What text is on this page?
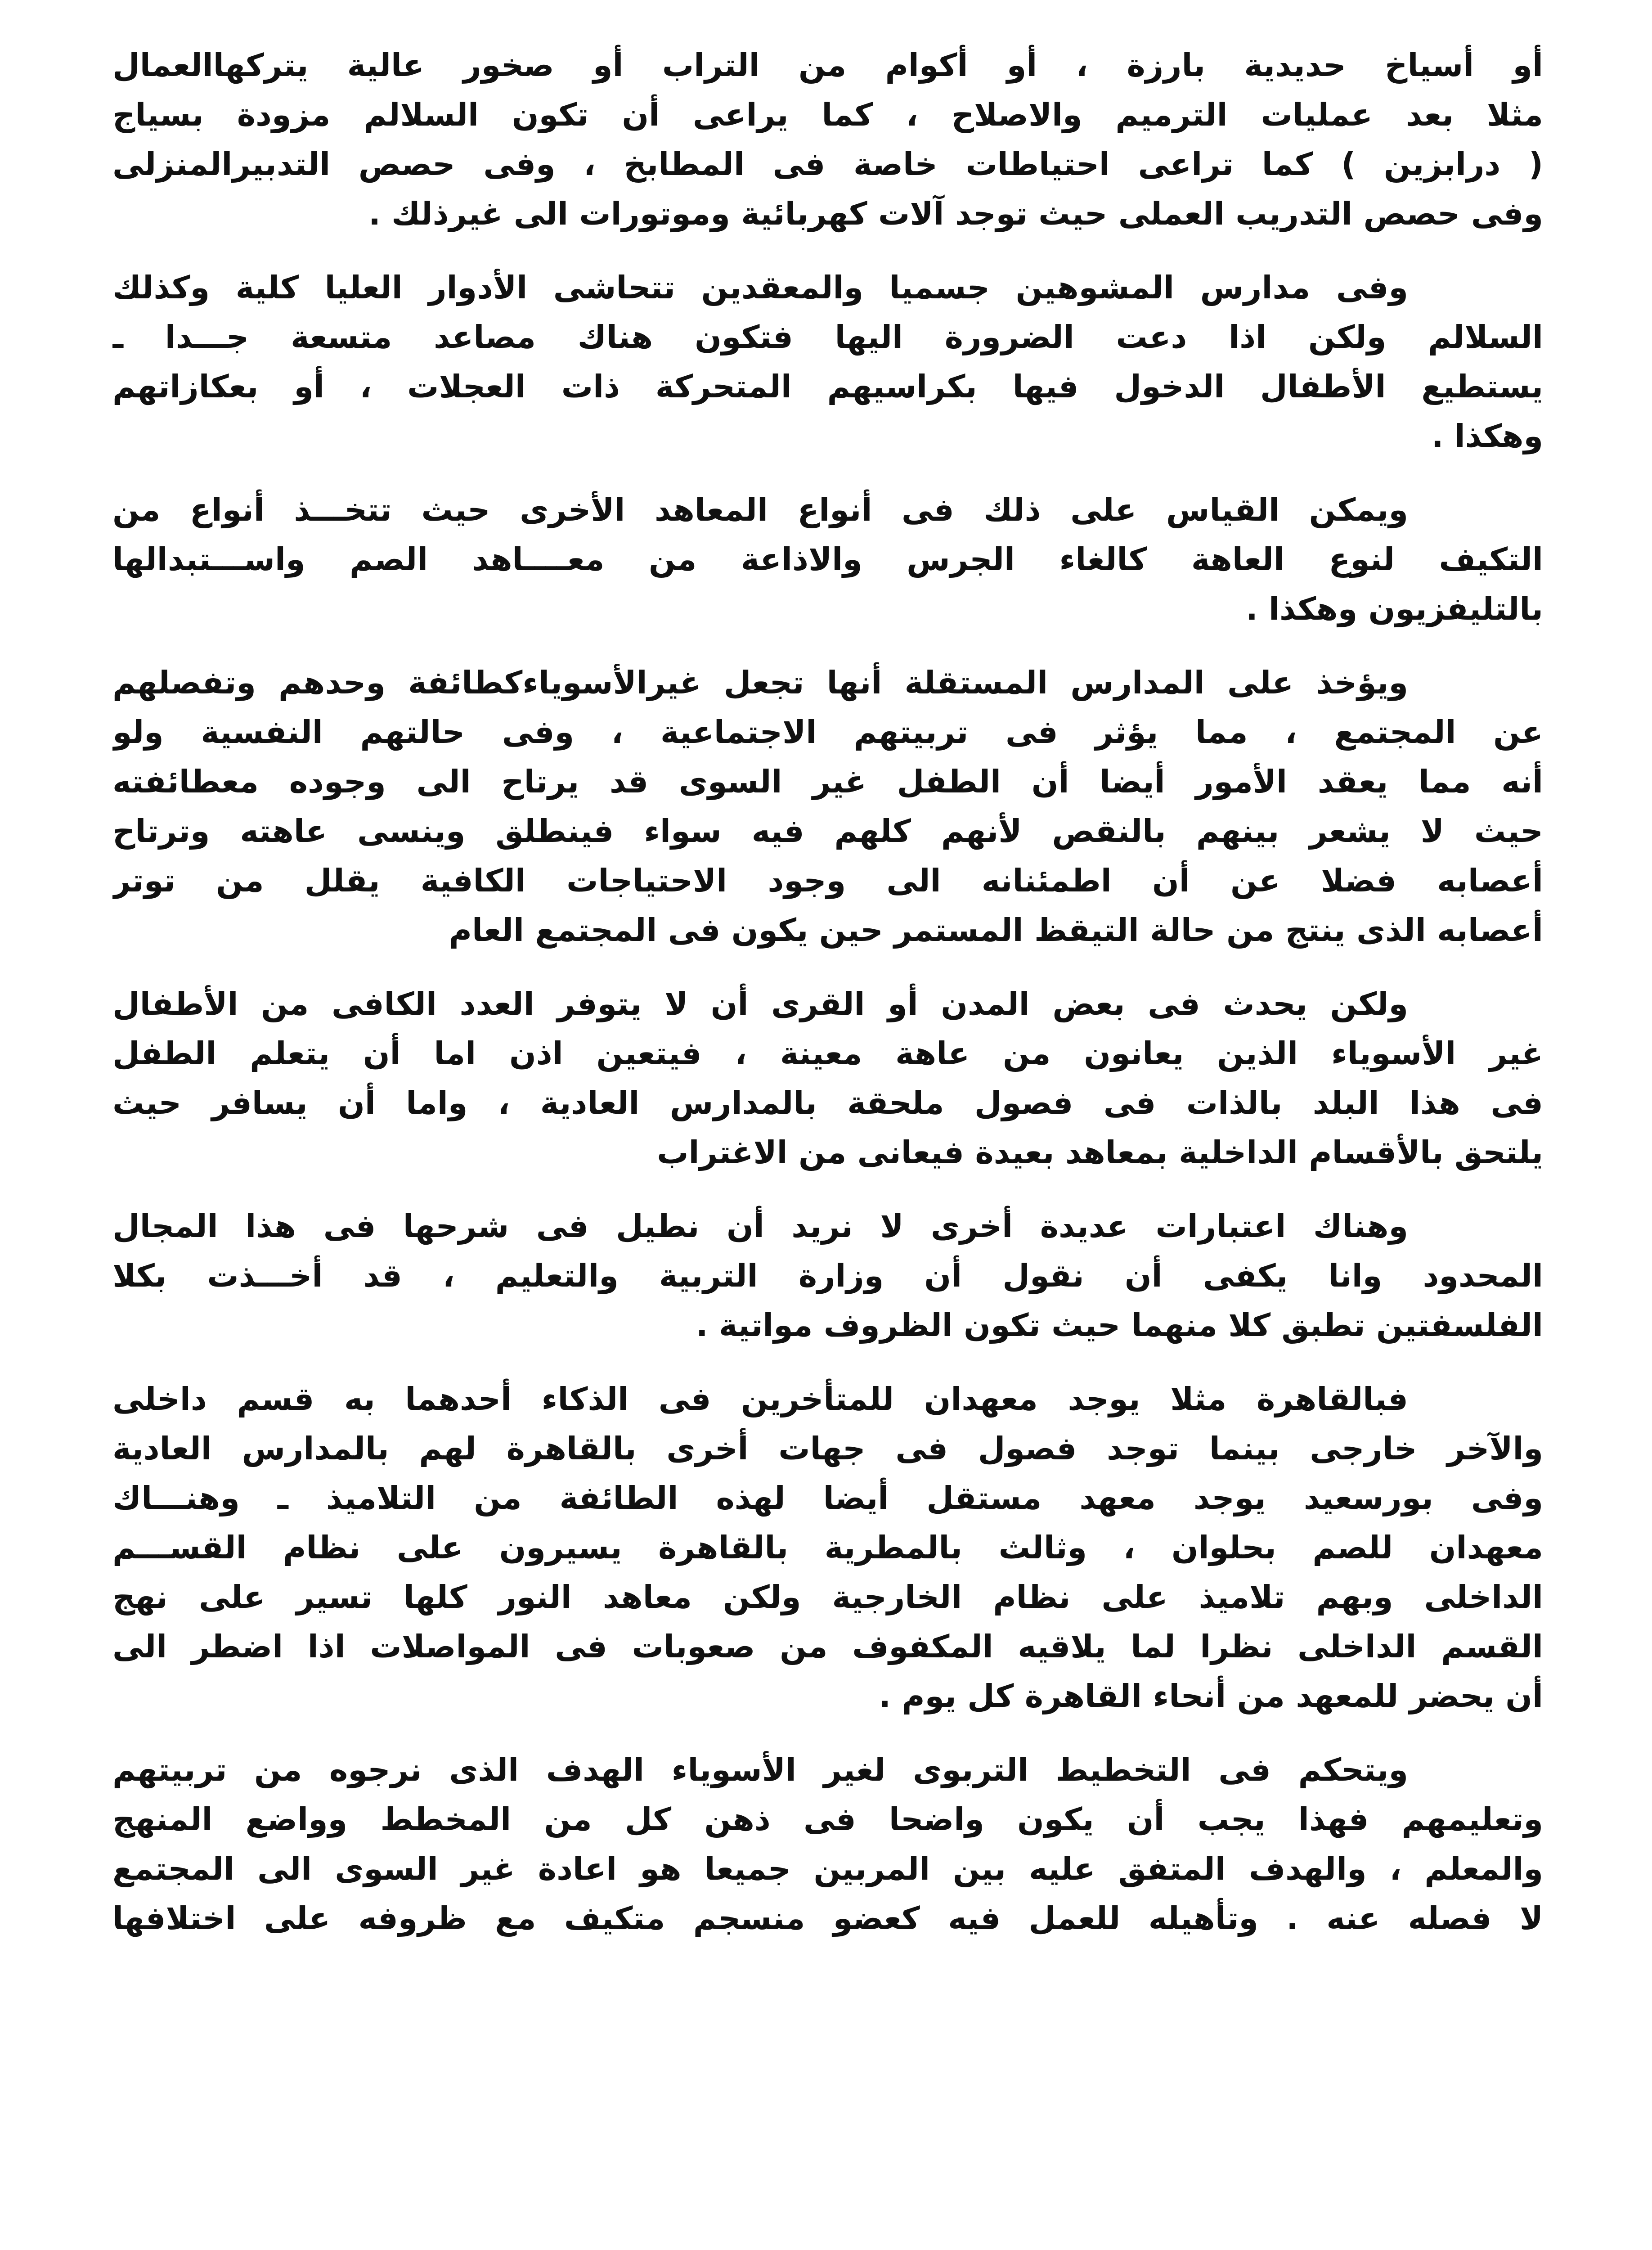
أو أسياخ حديدية بارزة ، أو أكوام من التراب أو صخور عالية يتركهاالعمال
مثلا بعد عمليات الترميم والاصلاح ، كما يراعى أن تكون السلالم مزودة بسياج
( درابزين ) كما تراعى احتياطات خاصة فى المطابخ ، وفى حصص التدبيرالمنزلى
وفى حصص التدريب العملى حيث توجد آلات كهربائية وموتورات الى غيرذلك .
وفى مدارس المشوهين جسميا والمعقدين تتحاشى الأدوار العليا كلية وكذلك
السلالم ولكن اذا دعت الضرورة اليها فتكون هناك مصاعد متسعة جـــدا ـ
يستطيع الأطفال الدخول فيها بكراسيهم المتحركة ذات العجلات ، أو بعكازاتهم
وهكذا .
ويمكن القياس على ذلك فى أنواع المعاهد الأخرى حيث تتخـــذ أنواع من
التكيف لنوع العاهة كالغاء الجرس والاذاعة من معــــاهد الصم واســـتبدالها
بالتليفزيون وهكذا .
ويؤخذ على المدارس المستقلة أنها تجعل غيرالأسوياءكطائفة وحدهم وتفصلهم
عن المجتمع ، مما يؤثر فى تربيتهم الاجتماعية ، وفى حالتهم النفسية ولو
أنه مما يعقد الأمور أيضا أن الطفل غير السوى قد يرتاح الى وجوده معطائفته
حيث لا يشعر بينهم بالنقص لأنهم كلهم فيه سواء فينطلق وينسى عاهته وترتاح
أعصابه فضلا عن أن اطمئنانه الى وجود الاحتياجات الكافية يقلل من توتر
أعصابه الذى ينتج من حالة التيقظ المستمر حين يكون فى المجتمع العام
ولكن يحدث فى بعض المدن أو القرى أن لا يتوفر العدد الكافى من الأطفال
غير الأسوياء الذين يعانون من عاهة معينة ، فيتعين اذن اما أن يتعلم الطفل
فى هذا البلد بالذات فى فصول ملحقة بالمدارس العادية ، واما أن يسافر حيث
يلتحق بالأقسام الداخلية بمعاهد بعيدة فيعانى من الاغتراب
وهناك اعتبارات عديدة أخرى لا نريد أن نطيل فى شرحها فى هذا المجال
المحدود وانا يكفى أن نقول أن وزارة التربية والتعليم ، قد أخـــذت بكلا
الفلسفتين تطبق كلا منهما حيث تكون الظروف مواتية .
فبالقاهرة مثلا يوجد معهدان للمتأخرين فى الذكاء أحدهما به قسم داخلى
والآخر خارجى بينما توجد فصول فى جهات أخرى بالقاهرة لهم بالمدارس العادية
وفى بورسعيد يوجد معهد مستقل أيضا لهذه الطائفة من التلاميذ ـ وهنـــاك
معهدان للصم بحلوان ، وثالث بالمطرية بالقاهرة يسيرون على نظام القســـم
الداخلى وبهم تلاميذ على نظام الخارجية ولكن معاهد النور كلها تسير على نهج
القسم الداخلى نظرا لما يلاقيه المكفوف من صعوبات فى المواصلات اذا اضطر الى
أن يحضر للمعهد من أنحاء القاهرة كل يوم .
ويتحكم فى التخطيط التربوى لغير الأسوياء الهدف الذى نرجوه من تربيتهم
وتعليمهم فهذا يجب أن يكون واضحا فى ذهن كل من المخطط وواضع المنهج
والمعلم ، والهدف المتفق عليه بين المربين جميعا هو اعادة غير السوى الى المجتمع
لا فصله عنه . وتأهيله للعمل فيه كعضو منسجم متكيف مع ظروفه على اختلافها
